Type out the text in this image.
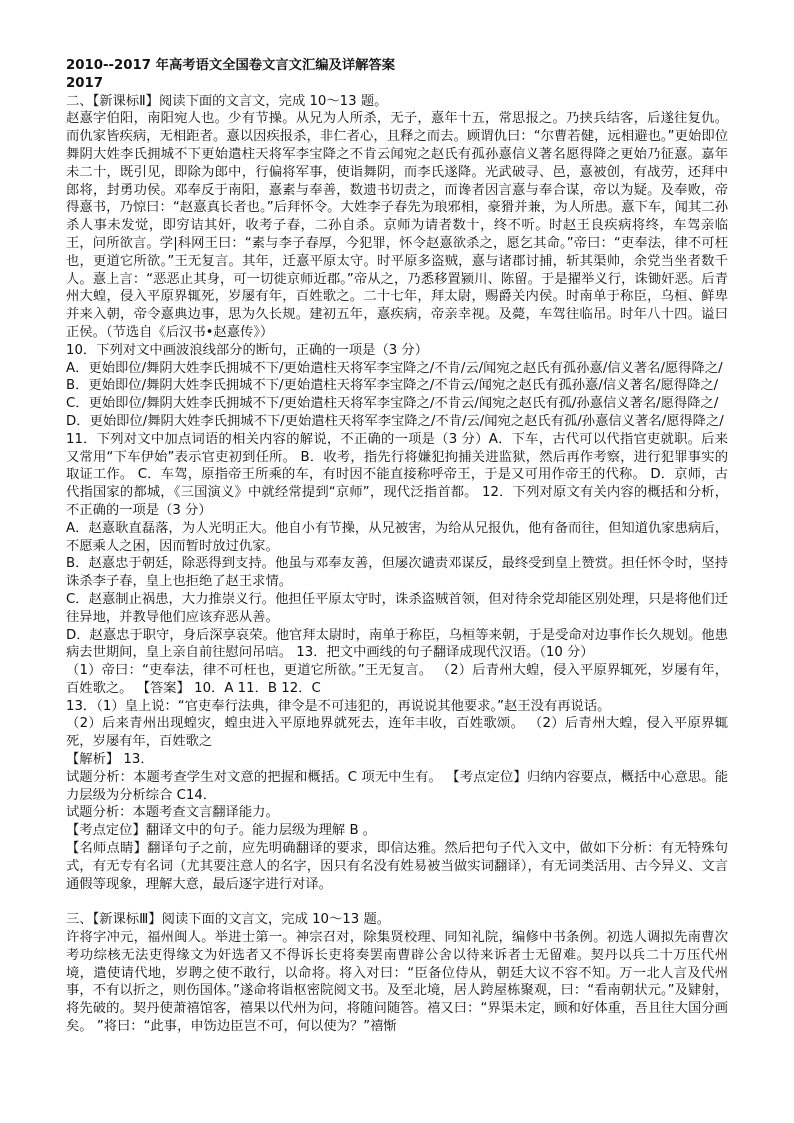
2010--2017 年高考语文全国卷文言文汇编及详解答案

2017

二、【新课标Ⅱ】阅读下面的文言文，完成 10～13 题。

赵憙字伯阳，南阳宛人也。少有节操。从兄为人所杀，无子，憙年十五，常思报之。乃挟兵结客，后遂往复仇。而仇家皆疾病，无相距者。憙以因疾报杀，非仁者心，且释之而去。顾谓仇曰：“尔曹若健，远相避也。”更始即位舞阴大姓李氏拥城不下更始遣柱天将军李宝降之不肯云闻宛之赵氏有孤孙憙信义著名愿得降之更始乃征憙。嘉年未二十，既引见，即除为郎中，行偏将军事，使诣舞阴，而李氏遂降。光武破寻、邑，憙被创，有战劳，还拜中郎将，封勇功侯。邓奉反于南阳，憙素与奉善，数遗书切责之，而谗者因言憙与奉合谋，帝以为疑。及奉败，帝得憙书，乃惊曰：“赵憙真长者也。”后拜怀令。大姓李子春先为琅邪相，豪猾并兼，为人所患。憙下车，闻其二孙杀人事未发觉，即穷诘其奸，收考子春，二孙自杀。京师为请者数十，终不听。时赵王良疾病将终，车驾亲临王，问所欲言。学|科网王曰：“素与李子春厚，今犯罪，怀令赵憙欲杀之，愿乞其命。”帝曰：“吏奉法，律不可枉也，更道它所欲。”王无复言。其年，迁憙平原太守。时平原多盗贼，憙与诸郡讨捕，斩其渠帅，余党当坐者数千人。憙上言：“恶恶止其身，可一切徙京师近郡。”帝从之，乃悉移置颍川、陈留。于是擢举义行，诛锄奸恶。后青州大蝗，侵入平原界辄死，岁屡有年，百姓歌之。二十七年，拜太尉，赐爵关内侯。时南单于称臣，乌桓、鲜卑并来入朝，帝令憙典边事，思为久长规。建初五年，憙疾病，帝亲幸视。及薨，车驾往临吊。时年八十四。谥曰正侯。（节选自《后汉书•赵憙传》）

10．下列对文中画波浪线部分的断句，正确的一项是（3 分）

A．更始即位/舞阴大姓李氏拥城不下/更始遣柱天将军李宝降之/不肯/云/闻宛之赵氏有孤孙憙/信义著名/愿得降之/

B．更始即位/舞阴大姓李氏拥城不下/更始遣柱天将军李宝降之/不肯云/闻宛之赵氏有孤孙憙/信义著名/愿得降之/

C．更始即位/舞阴大姓李氏拥城不下/更始遣柱天将军李宝降之/不肯云/闻宛之赵氏有孤/孙憙信义著名/愿得降之/

D．更始即位/舞阴大姓李氏拥城不下/更始遣柱天将军李宝降之/不肯/云/闻宛之赵氏有孤/孙憙信义著名/愿得降之/

11．下列对文中加点词语的相关内容的解说，不正确的一项是（3 分）A．下车，古代可以代指官吏就职。后来又常用“下车伊始”表示官吏初到任所。 B．收考，指先行将嫌犯拘捕关进监狱，然后再作考察，进行犯罪事实的取证工作。 C．车驾，原指帝王所乘的车，有时因不能直接称呼帝王，于是又可用作帝王的代称。 D．京师，古代指国家的都城，《三国演义》中就经常提到“京师”，现代泛指首都。 12．下列对原文有关内容的概括和分析，不正确的一项是（3 分）

A．赵憙耿直磊落，为人光明正大。他自小有节操，从兄被害，为给从兄报仇，他有备而往，但知道仇家患病后，不愿乘人之困，因而暂时放过仇家。

B．赵憙忠于朝廷，除恶得到支持。他虽与邓奉友善，但屡次谴责邓谋反，最终受到皇上赞赏。担任怀令时，坚持诛杀李子春，皇上也拒绝了赵王求情。

C．赵憙制止祸患，大力推崇义行。他担任平原太守时，诛杀盗贼首领，但对待余党却能区别处理，只是将他们迁往异地，并教导他们应该弃恶从善。

D．赵憙忠于职守，身后深享哀荣。他官拜太尉时，南单于称臣，乌桓等来朝，于是受命对边事作长久规划。他患病去世期间，皇上亲自前往慰问吊唁。 13．把文中画线的句子翻译成现代汉语。（10 分）

（1）帝曰：“吏奉法，律不可枉也，更道它所欲。”王无复言。 （2）后青州大蝗，侵入平原界辄死，岁屡有年，百姓歌之。 【答案】 10．A 11．B 12．C

13．（1）皇上说：“官吏奉行法典，律令是不可违犯的，再说说其他要求。”赵王没有再说话。

（2）后来青州出现蝗灾，蝗虫进入平原地界就死去，连年丰收，百姓歌颂。 （2）后青州大蝗，侵入平原界辄死，岁屡有年，百姓歌之

【解析】 13．

试题分析：本题考查学生对文意的把握和概括。C 项无中生有。 【考点定位】归纳内容要点，概括中心意思。能力层级为分析综合 C14．

试题分析：本题考查文言翻译能力。

【考点定位】翻译文中的句子。能力层级为理解 B 。

【名师点睛】翻译句子之前，应先明确翻译的要求，即信达雅。然后把句子代入文中，做如下分析：有无特殊句式，有无专有名词（尤其要注意人的名字，因只有名没有姓易被当做实词翻译），有无词类活用、古今异义、文言通假等现象，理解大意，最后逐字进行对译。

三、【新课标Ⅲ】阅读下面的文言文，完成 10～13 题。

许将字冲元，福州闽人。举进士第一。神宗召对，除集贤校理、同知礼院，编修中书条例。初选人调拟先南曹次考功综核无法吏得缘文为奸选者又不得诉长吏将奏罢南曹辟公舍以待来诉者士无留难。契丹以兵二十万压代州境，遣使请代地，岁聘之使不敢行，以命将。将入对曰：“臣备位侍从，朝廷大议不容不知。万一北人言及代州事，不有以折之，则伤国体。”遂命将诣枢密院阅文书。及至北境，居人跨屋栋聚观，曰：“看南朝状元。”及肄射，将先破的。契丹使萧禧馆客，禧果以代州为问，将随问随答。禧又曰：“界渠未定，顾和好体重，吾且往大国分画矣。 ”将曰：“此事，申饬边臣岂不可，何以使为？”禧惭
